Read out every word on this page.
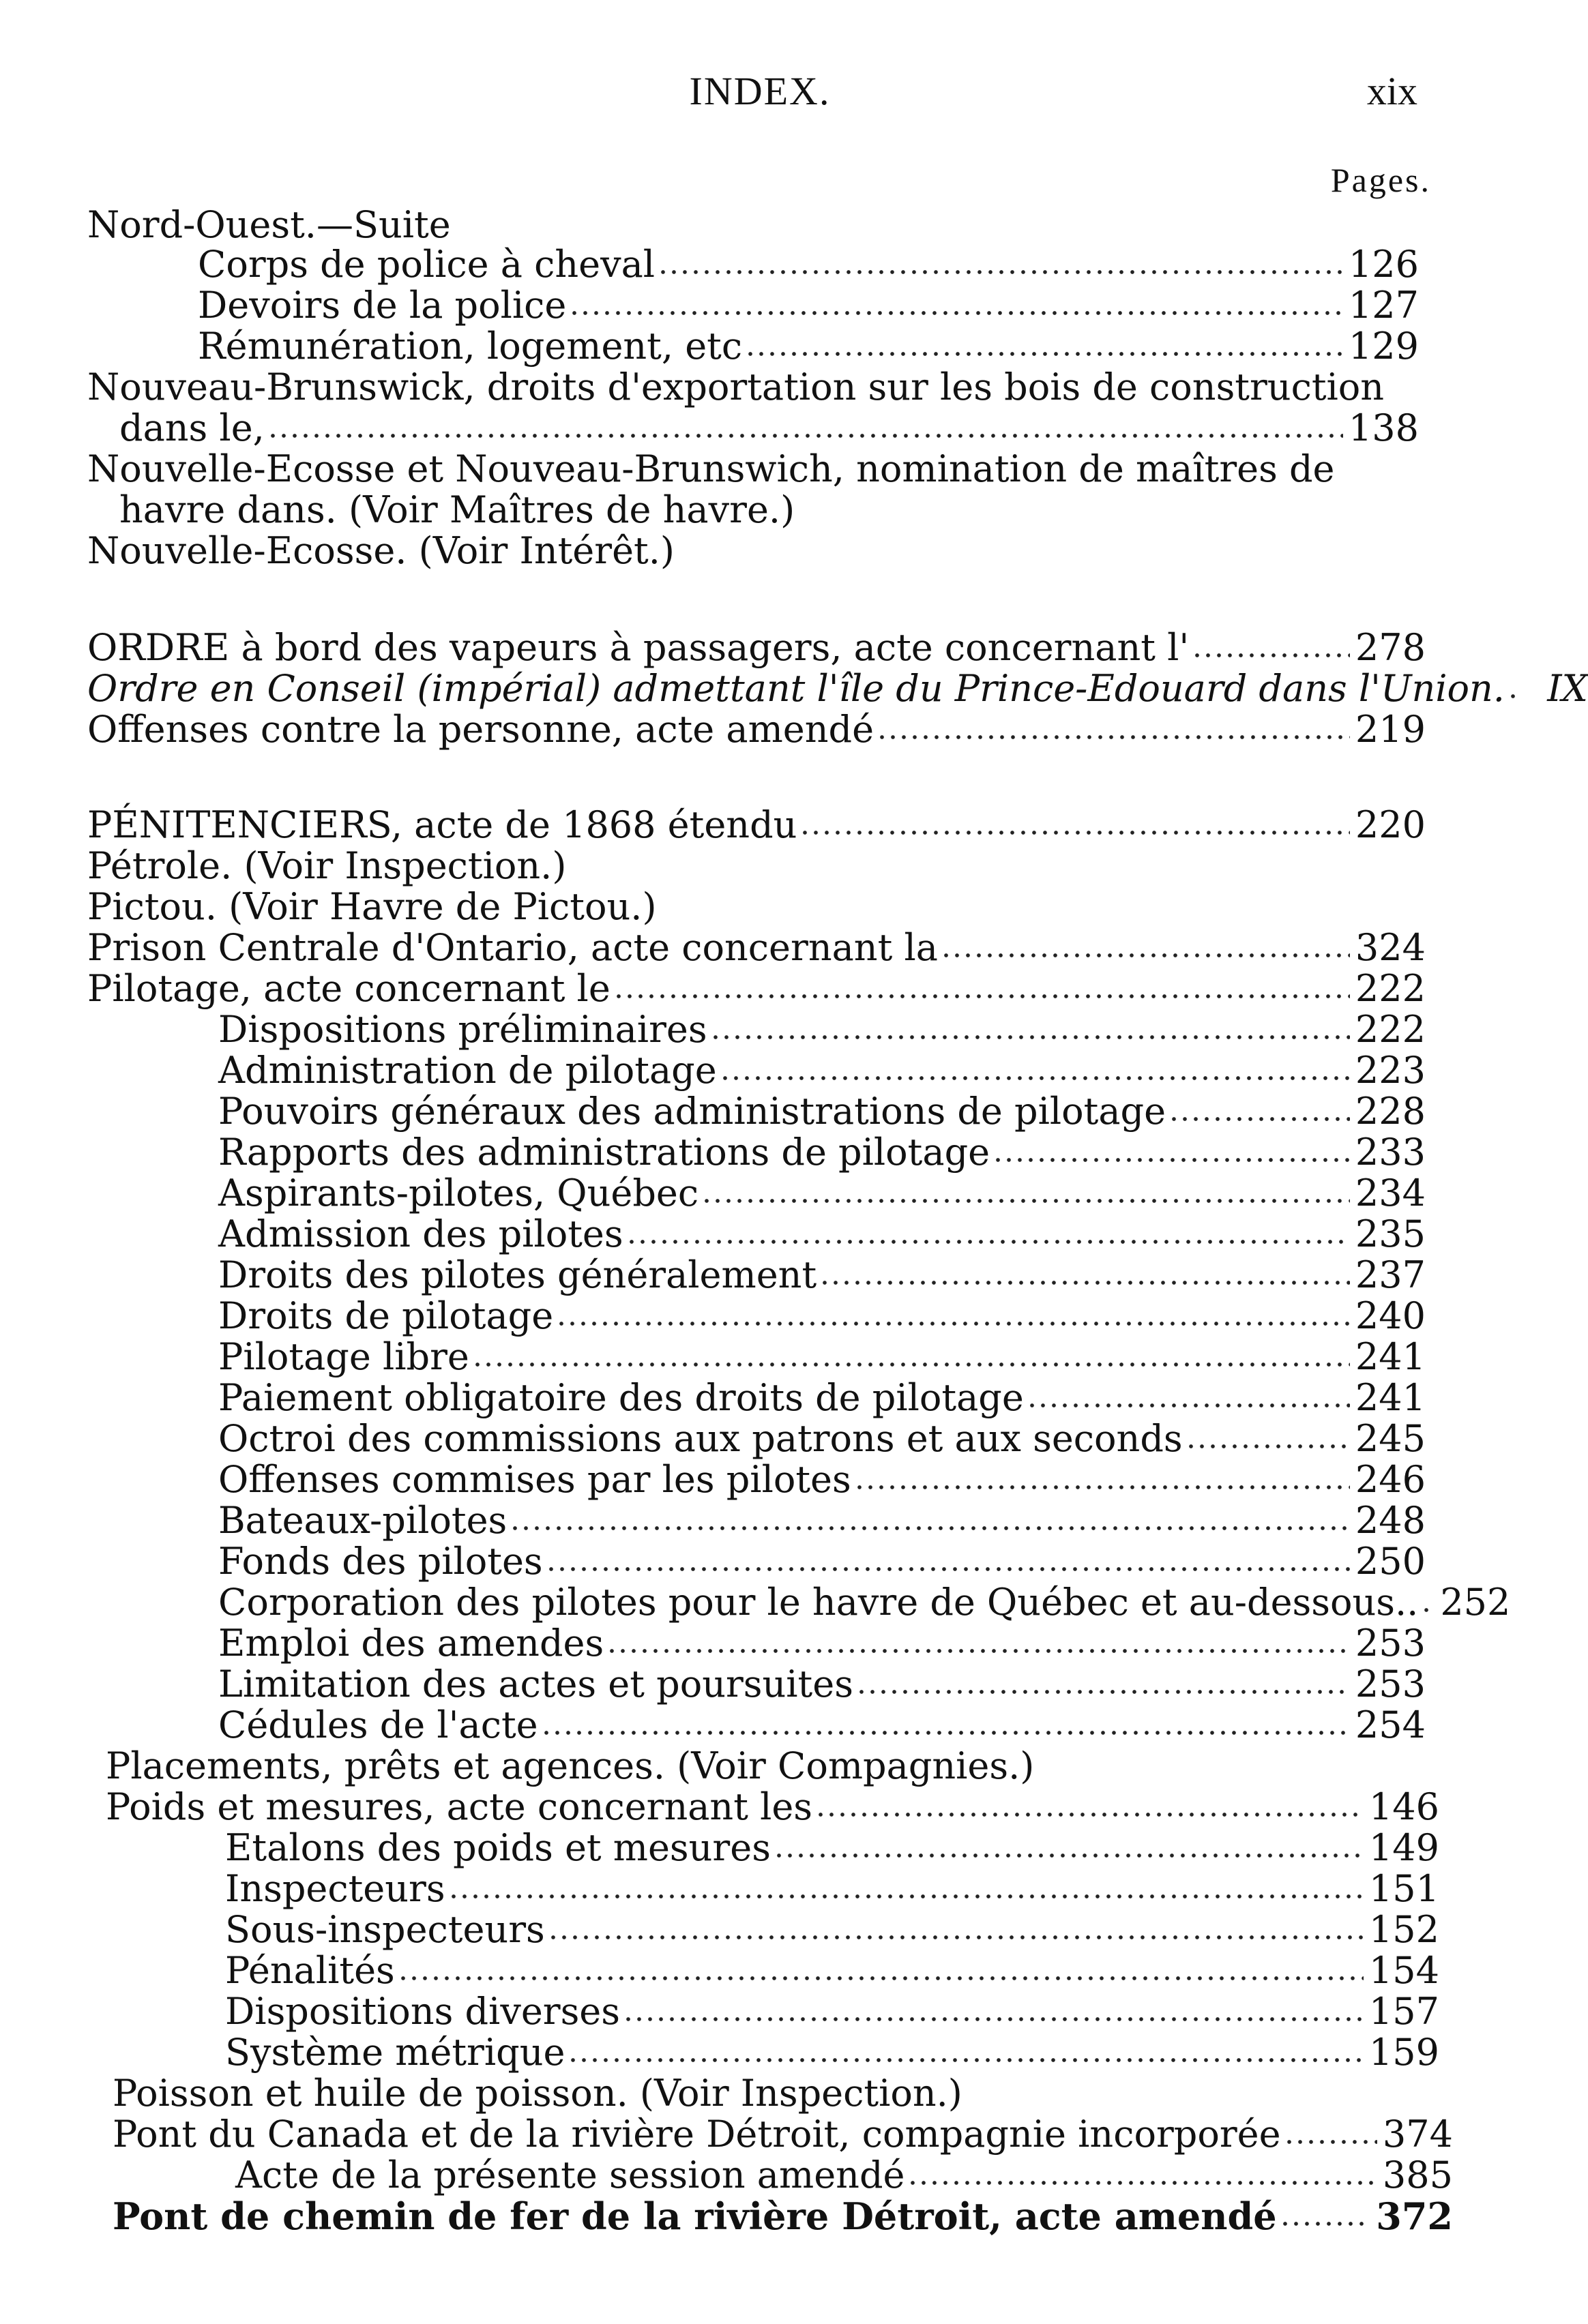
INDEX.	xix
Pages.
Nord-Ouest.—Suite
Corps de police à cheval	126
Devoirs de la police	127
Rémunération, logement, etc	129
Nouveau-Brunswick, droits d'exportation sur les bois de construction
dans le,	138
Nouvelle-Ecosse et Nouveau-Brunswich, nomination de maîtres de
havre dans. (Voir Maîtres de havre.)
Nouvelle-Ecosse. (Voir Intérêt.)
ORDRE à bord des vapeurs à passagers, acte concernant l'	278
Ordre en Conseil (impérial) admettant l'île du Prince-Edouard dans l'Union.	IX
Offenses contre la personne, acte amendé	219
PÉNITENCIERS, acte de 1868 étendu	220
Pétrole. (Voir Inspection.)
Pictou. (Voir Havre de Pictou.)
Prison Centrale d'Ontario, acte concernant la	324
Pilotage, acte concernant le	222
Dispositions préliminaires	222
Administration de pilotage	223
Pouvoirs généraux des administrations de pilotage	228
Rapports des administrations de pilotage	233
Aspirants-pilotes, Québec	234
Admission des pilotes	235
Droits des pilotes généralement	237
Droits de pilotage	240
Pilotage libre	241
Paiement obligatoire des droits de pilotage	241
Octroi des commissions aux patrons et aux seconds	245
Offenses commises par les pilotes	246
Bateaux-pilotes	248
Fonds des pilotes	250
Corporation des pilotes pour le havre de Québec et au-dessous.. 252
Emploi des amendes	253
Limitation des actes et poursuites	253
Cédules de l'acte	254
Placements, prêts et agences. (Voir Compagnies.)
Poids et mesures, acte concernant les	146
Etalons des poids et mesures	149
Inspecteurs	151
Sous-inspecteurs	152
Pénalités	154
Dispositions diverses	157
Système métrique	159
Poisson et huile de poisson. (Voir Inspection.)
Pont du Canada et de la rivière Détroit, compagnie incorporée	374
Acte de la présente session amendé	385
Pont de chemin de fer de la rivière Détroit, acte amendé	372
